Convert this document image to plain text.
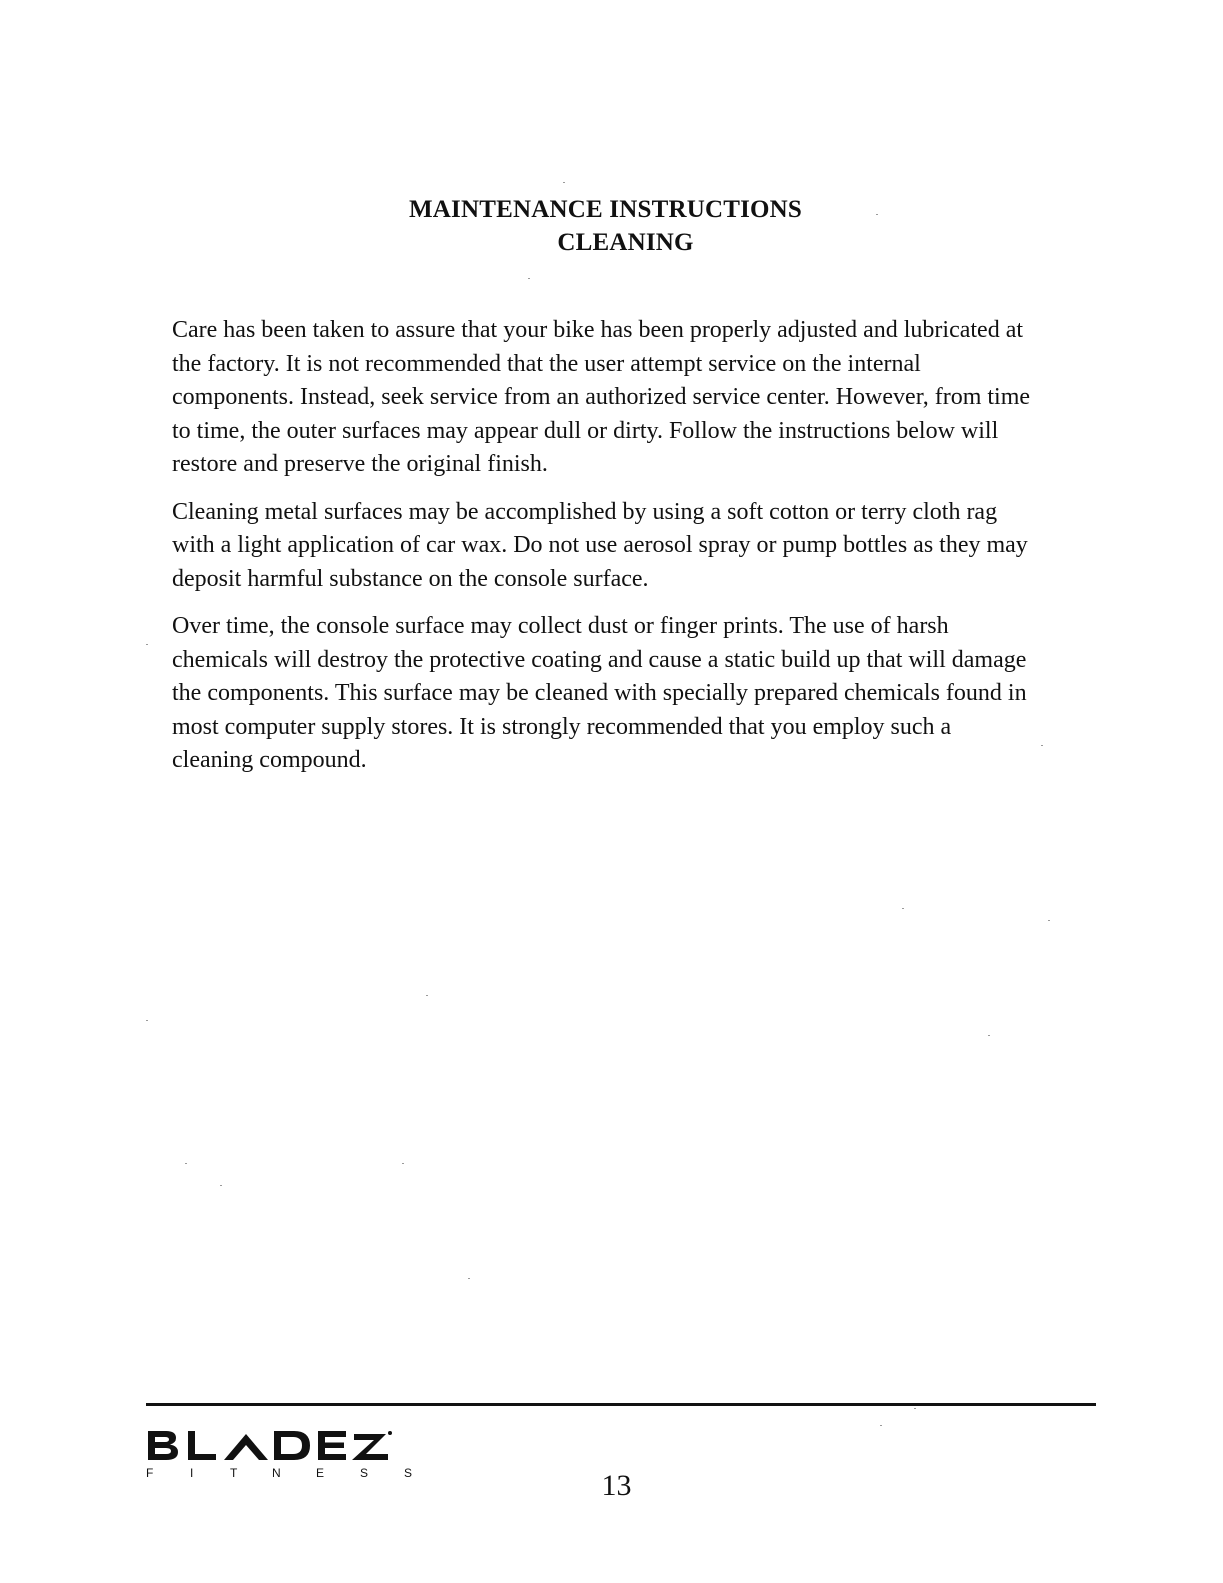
MAINTENANCE INSTRUCTIONS
CLEANING

Care has been taken to assure that your bike has been properly adjusted and lubricated at the factory. It is not recommended that the user attempt service on the internal components. Instead, seek service from an authorized service center. However, from time to time, the outer surfaces may appear dull or dirty. Follow the instructions below will restore and preserve the original finish.

Cleaning metal surfaces may be accomplished by using a soft cotton or terry cloth rag with a light application of car wax. Do not use aerosol spray or pump bottles as they may deposit harmful substance on the console surface.

Over time, the console surface may collect dust or finger prints. The use of harsh chemicals will destroy the protective coating and cause a static build up that will damage the components. This surface may be cleaned with specially prepared chemicals found in most computer supply stores. It is strongly recommended that you employ such a cleaning compound.

F	I	T	N	E	S	S	13
